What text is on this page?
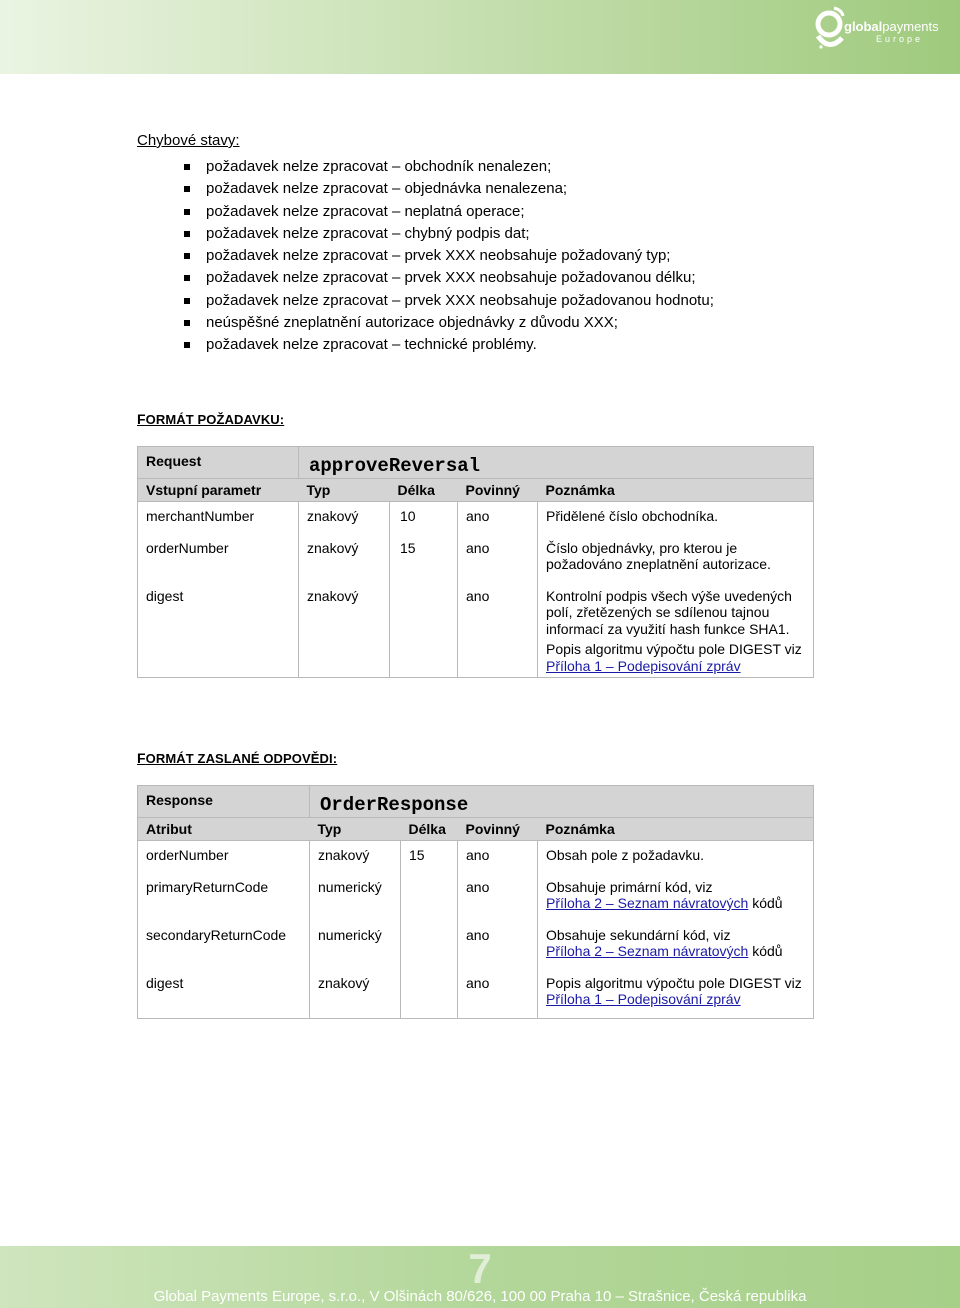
globalpayments
Europe
Chybové stavy:
požadavek nelze zpracovat – obchodník nenalezen;
požadavek nelze zpracovat – objednávka nenalezena;
požadavek nelze zpracovat – neplatná operace;
požadavek nelze zpracovat – chybný podpis dat;
požadavek nelze zpracovat – prvek XXX neobsahuje požadovaný typ;
požadavek nelze zpracovat – prvek XXX neobsahuje požadovanou délku;
požadavek nelze zpracovat – prvek XXX neobsahuje požadovanou hodnotu;
neúspěšné zneplatnění autorizace objednávky z důvodu XXX;
požadavek nelze zpracovat – technické problémy.
FORMÁT POŽADAVKU:
Request	approveReversal			
Vstupní parametr	Typ	Délka	Povinný	Poznámka
merchantNumber	znakový	10	ano	Přidělené číslo obchodníka.
orderNumber	znakový	15	ano	Číslo objednávky, pro kterou je požadováno zneplatnění autorizace.
digest	znakový		ano	Kontrolní podpis všech výše uvedených polí, zřetězených se sdílenou tajnou informací za využití hash funkce SHA1.
Popis algoritmu výpočtu pole DIGEST viz Příloha 1 – Podepisování zpráv
FORMÁT ZASLANÉ ODPOVĚDI:
Response	OrderResponse			
Atribut	Typ	Délka	Povinný	Poznámka
orderNumber	znakový	15	ano	Obsah pole z požadavku.
primaryReturnCode	numerický		ano	Obsahuje primární kód, viz
Příloha 2 – Seznam návratových kódů
secondaryReturnCode	numerický		ano	Obsahuje sekundární kód, viz
Příloha 2 – Seznam návratových kódů
digest	znakový		ano	Popis algoritmu výpočtu pole DIGEST viz Příloha 1 – Podepisování zpráv
7
Global Payments Europe, s.r.o., V Olšinách 80/626, 100 00 Praha 10 – Strašnice, Česká republika
